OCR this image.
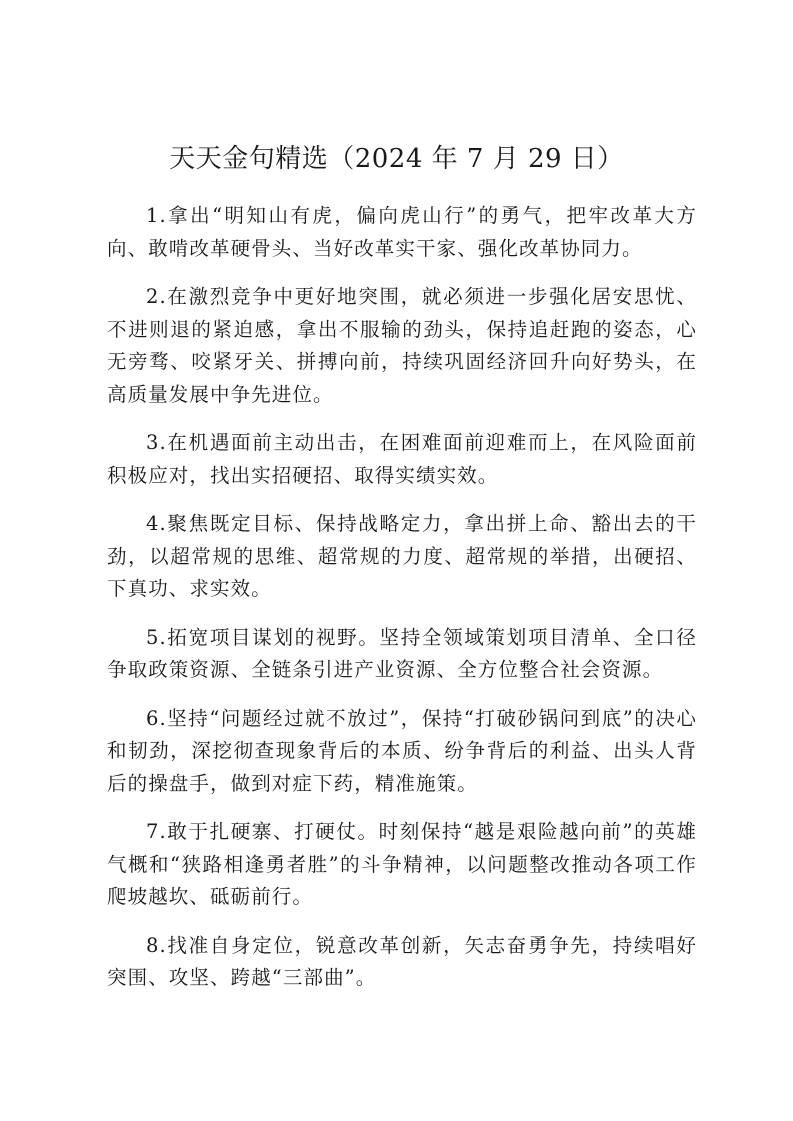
天天金句精选（2024 年 7 月 29 日）

1.拿出“明知山有虎，偏向虎山行”的勇气，把牢改革大方向、敢啃改革硬骨头、当好改革实干家、强化改革协同力。

2.在激烈竞争中更好地突围，就必须进一步强化居安思忧、不进则退的紧迫感，拿出不服输的劲头，保持追赶跑的姿态，心无旁骛、咬紧牙关、拼搏向前，持续巩固经济回升向好势头，在高质量发展中争先进位。

3.在机遇面前主动出击，在困难面前迎难而上，在风险面前积极应对，找出实招硬招、取得实绩实效。

4.聚焦既定目标、保持战略定力，拿出拼上命、豁出去的干劲，以超常规的思维、超常规的力度、超常规的举措，出硬招、下真功、求实效。

5.拓宽项目谋划的视野。坚持全领域策划项目清单、全口径争取政策资源、全链条引进产业资源、全方位整合社会资源。

6.坚持“问题经过就不放过”，保持“打破砂锅问到底”的决心和韧劲，深挖彻查现象背后的本质、纷争背后的利益、出头人背后的操盘手，做到对症下药，精准施策。

7.敢于扎硬寨、打硬仗。时刻保持“越是艰险越向前”的英雄气概和“狭路相逢勇者胜”的斗争精神，以问题整改推动各项工作爬坡越坎、砥砺前行。

8.找准自身定位，锐意改革创新，矢志奋勇争先，持续唱好突围、攻坚、跨越“三部曲”。
